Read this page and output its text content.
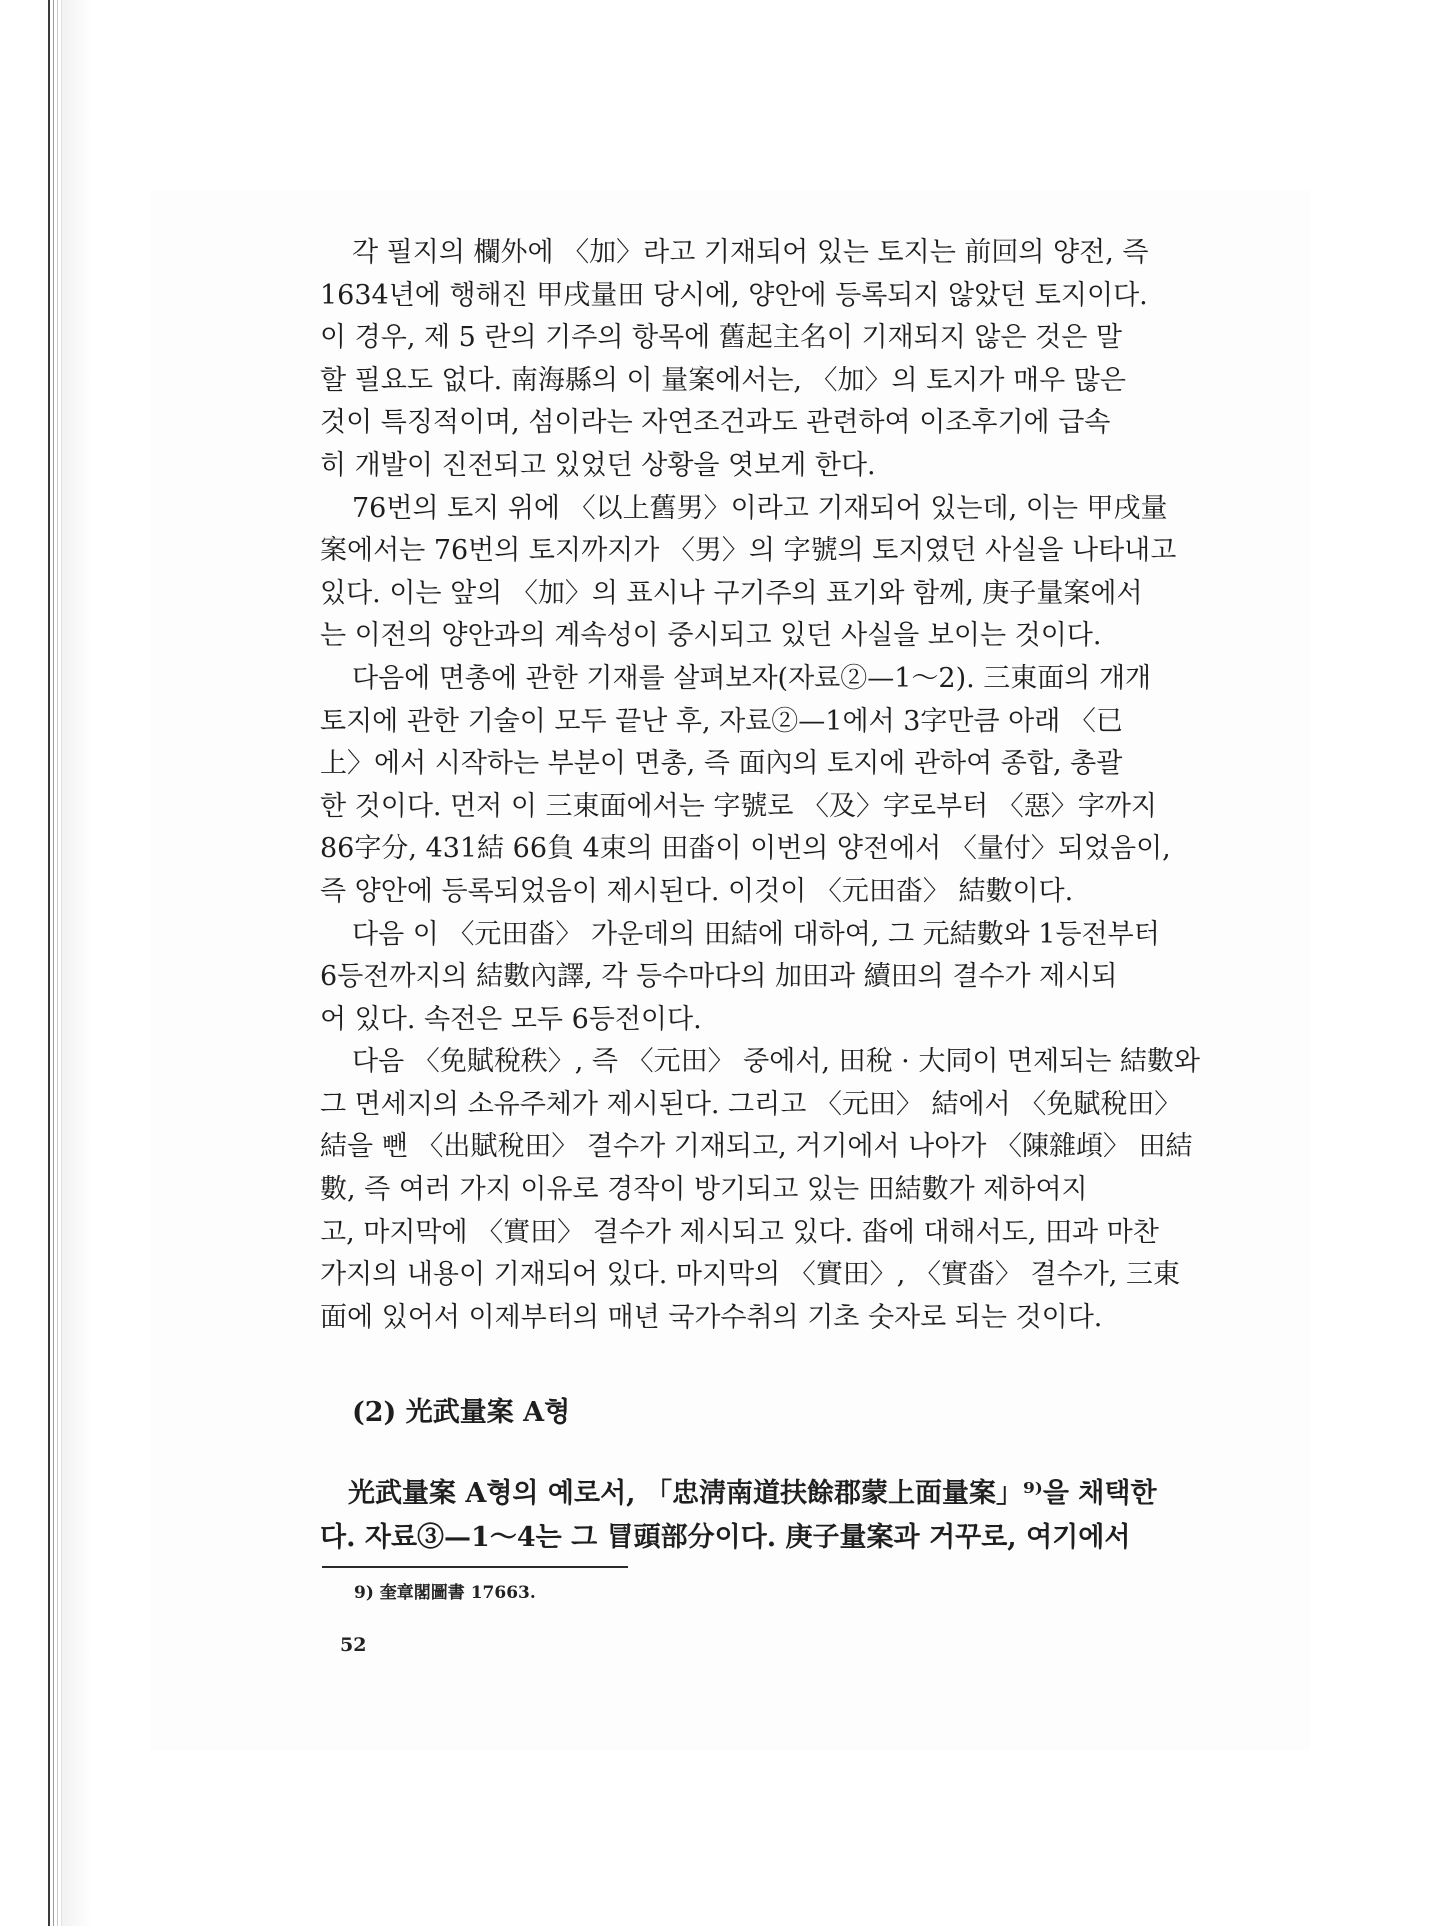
각 필지의 欄外에 〈加〉라고 기재되어 있는 토지는 前回의 양전, 즉
1634년에 행해진 甲戌量田 당시에, 양안에 등록되지 않았던 토지이다.
이 경우, 제 5 란의 기주의 항목에 舊起主名이 기재되지 않은 것은 말
할 필요도 없다. 南海縣의 이 量案에서는, 〈加〉의 토지가 매우 많은
것이 특징적이며, 섬이라는 자연조건과도 관련하여 이조후기에 급속
히 개발이 진전되고 있었던 상황을 엿보게 한다.

76번의 토지 위에 〈以上舊男〉이라고 기재되어 있는데, 이는 甲戌量
案에서는 76번의 토지까지가 〈男〉의 字號의 토지였던 사실을 나타내고
있다. 이는 앞의 〈加〉의 표시나 구기주의 표기와 함께, 庚子量案에서
는 이전의 양안과의 계속성이 중시되고 있던 사실을 보이는 것이다.

다음에 면총에 관한 기재를 살펴보자(자료②—1～2). 三東面의 개개
토지에 관한 기술이 모두 끝난 후, 자료②—1에서 3字만큼 아래 〈已
上〉에서 시작하는 부분이 면총, 즉 面內의 토지에 관하여 종합, 총괄
한 것이다. 먼저 이 三東面에서는 字號로 〈及〉字로부터 〈惡〉字까지
86字分, 431結 66負 4束의 田畓이 이번의 양전에서 〈量付〉되었음이,
즉 양안에 등록되었음이 제시된다. 이것이 〈元田畓〉 結數이다.

다음 이 〈元田畓〉 가운데의 田結에 대하여, 그 元結數와 1등전부터
6등전까지의 結數內譯, 각 등수마다의 加田과 續田의 결수가 제시되
어 있다. 속전은 모두 6등전이다.

다음 〈免賦稅秩〉, 즉 〈元田〉 중에서, 田稅 · 大同이 면제되는 結數와
그 면세지의 소유주체가 제시된다. 그리고 〈元田〉 結에서 〈免賦稅田〉
結을 뺀 〈出賦稅田〉 결수가 기재되고, 거기에서 나아가 〈陳雜頉〉 田結
數, 즉 여러 가지 이유로 경작이 방기되고 있는 田結數가 제하여지
고, 마지막에 〈實田〉 결수가 제시되고 있다. 畓에 대해서도, 田과 마찬
가지의 내용이 기재되어 있다. 마지막의 〈實田〉, 〈實畓〉 결수가, 三東
面에 있어서 이제부터의 매년 국가수취의 기초 숫자로 되는 것이다.

(2) 光武量案 A형
光武量案 A형의 예로서, 「忠淸南道扶餘郡蒙上面量案」⁹⁾을 채택한
다. 자료③—1～4는 그 冒頭部分이다. 庚子量案과 거꾸로, 여기에서
9) 奎章閣圖書 17663.
52
